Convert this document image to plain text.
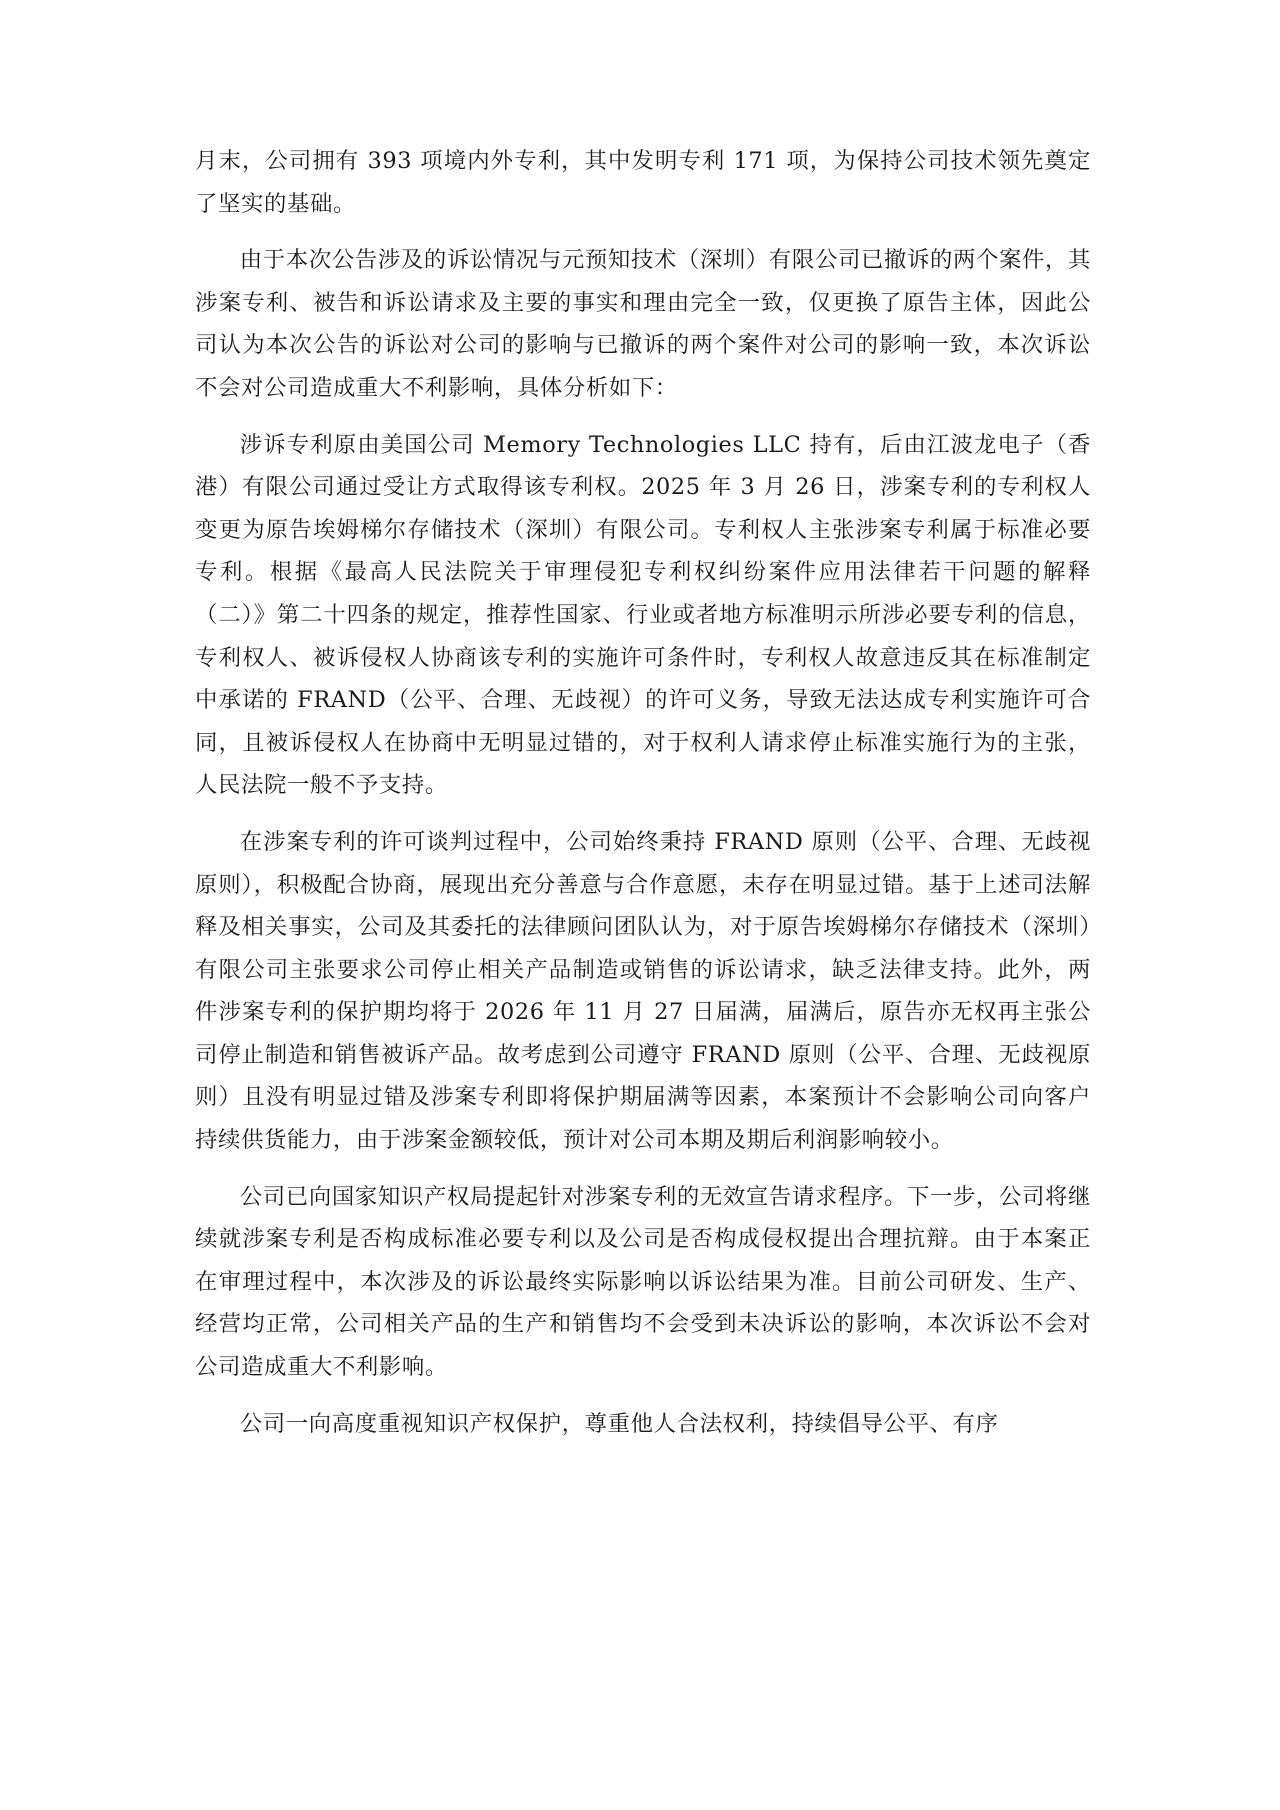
月末，公司拥有 393 项境内外专利，其中发明专利 171 项，为保持公司技术领先奠定了坚实的基础。

由于本次公告涉及的诉讼情况与元预知技术（深圳）有限公司已撤诉的两个案件，其涉案专利、被告和诉讼请求及主要的事实和理由完全一致，仅更换了原告主体，因此公司认为本次公告的诉讼对公司的影响与已撤诉的两个案件对公司的影响一致，本次诉讼不会对公司造成重大不利影响，具体分析如下：

涉诉专利原由美国公司 Memory Technologies LLC 持有，后由江波龙电子（香港）有限公司通过受让方式取得该专利权。2025 年 3 月 26 日，涉案专利的专利权人变更为原告埃姆梯尔存储技术（深圳）有限公司。专利权人主张涉案专利属于标准必要专利。根据《最高人民法院关于审理侵犯专利权纠纷案件应用法律若干问题的解释（二）》第二十四条的规定，推荐性国家、行业或者地方标准明示所涉必要专利的信息，专利权人、被诉侵权人协商该专利的实施许可条件时，专利权人故意违反其在标准制定中承诺的 FRAND（公平、合理、无歧视）的许可义务，导致无法达成专利实施许可合同，且被诉侵权人在协商中无明显过错的，对于权利人请求停止标准实施行为的主张，人民法院一般不予支持。

在涉案专利的许可谈判过程中，公司始终秉持 FRAND 原则（公平、合理、无歧视原则），积极配合协商，展现出充分善意与合作意愿，未存在明显过错。基于上述司法解释及相关事实，公司及其委托的法律顾问团队认为，对于原告埃姆梯尔存储技术（深圳）有限公司主张要求公司停止相关产品制造或销售的诉讼请求，缺乏法律支持。此外，两件涉案专利的保护期均将于 2026 年 11 月 27 日届满，届满后，原告亦无权再主张公司停止制造和销售被诉产品。故考虑到公司遵守 FRAND 原则（公平、合理、无歧视原则）且没有明显过错及涉案专利即将保护期届满等因素，本案预计不会影响公司向客户持续供货能力，由于涉案金额较低，预计对公司本期及期后利润影响较小。

公司已向国家知识产权局提起针对涉案专利的无效宣告请求程序。下一步，公司将继续就涉案专利是否构成标准必要专利以及公司是否构成侵权提出合理抗辩。由于本案正在审理过程中，本次涉及的诉讼最终实际影响以诉讼结果为准。目前公司研发、生产、经营均正常，公司相关产品的生产和销售均不会受到未决诉讼的影响，本次诉讼不会对公司造成重大不利影响。

公司一向高度重视知识产权保护，尊重他人合法权利，持续倡导公平、有序
